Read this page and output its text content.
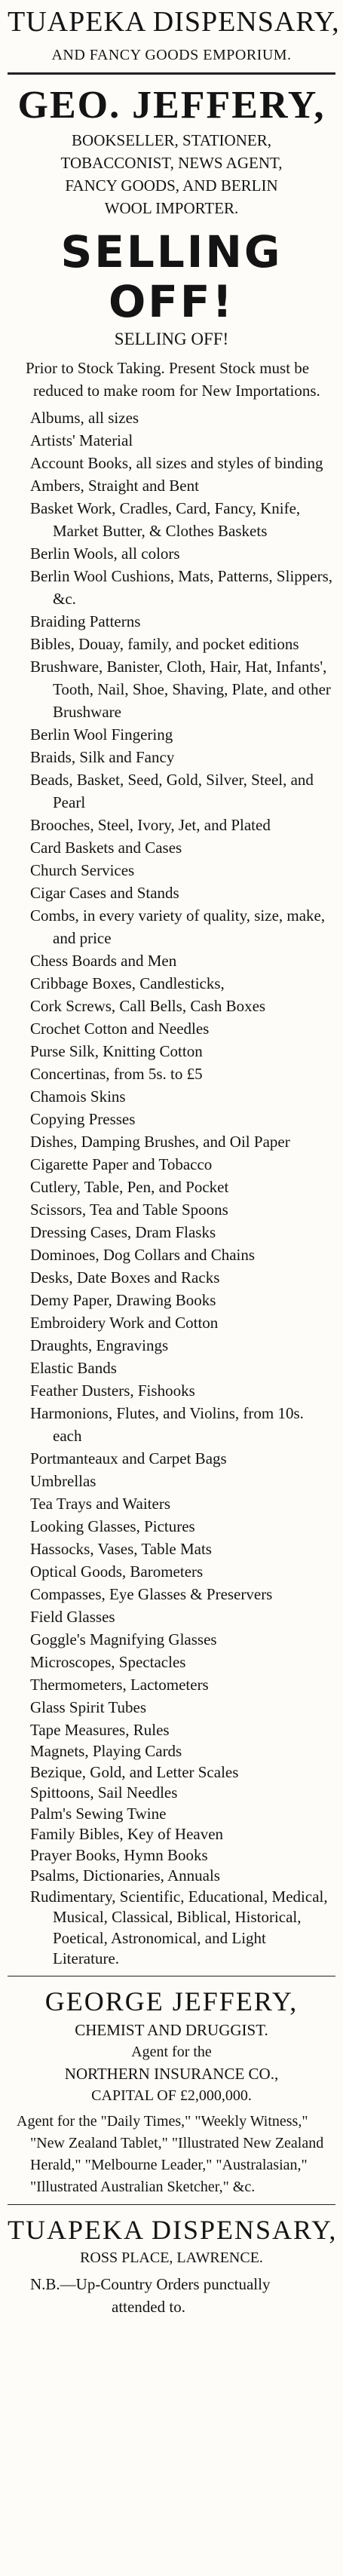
TUAPEKA DISPENSARY,
AND FANCY GOODS EMPORIUM.
GEO. JEFFERY,
BOOKSELLER, STATIONER,
TOBACCONIST, NEWS AGENT,
FANCY GOODS, AND BERLIN
WOOL IMPORTER.
SELLING OFF!
SELLING OFF!
Prior to Stock Taking. Present Stock must be reduced to make room for New Importations.
Albums, all sizes
Artists' Material
Account Books, all sizes and styles of binding
Ambers, Straight and Bent
Basket Work, Cradles, Card, Fancy, Knife, Market Butter, & Clothes Baskets
Berlin Wools, all colors
Berlin Wool Cushions, Mats, Patterns, Slippers, &c.
Braiding Patterns
Bibles, Douay, family, and pocket editions
Brushware, Banister, Cloth, Hair, Hat, Infants', Tooth, Nail, Shoe, Shaving, Plate, and other Brushware
Berlin Wool Fingering
Braids, Silk and Fancy
Beads, Basket, Seed, Gold, Silver, Steel, and Pearl
Brooches, Steel, Ivory, Jet, and Plated
Card Baskets and Cases
Church Services
Cigar Cases and Stands
Combs, in every variety of quality, size, make, and price
Chess Boards and Men
Cribbage Boxes, Candlesticks,
Cork Screws, Call Bells, Cash Boxes
Crochet Cotton and Needles
Purse Silk, Knitting Cotton
Concertinas, from 5s. to £5
Chamois Skins
Copying Presses
Dishes, Damping Brushes, and Oil Paper
Cigarette Paper and Tobacco
Cutlery, Table, Pen, and Pocket
Scissors, Tea and Table Spoons
Dressing Cases, Dram Flasks
Dominoes, Dog Collars and Chains
Desks, Date Boxes and Racks
Demy Paper, Drawing Books
Embroidery Work and Cotton
Draughts, Engravings
Elastic Bands
Feather Dusters, Fishooks
Harmonions, Flutes, and Violins, from 10s. each
Portmanteaux and Carpet Bags
Umbrellas
Tea Trays and Waiters
Looking Glasses, Pictures
Hassocks, Vases, Table Mats
Optical Goods, Barometers
Compasses, Eye Glasses & Preservers
Field Glasses
Goggle's Magnifying Glasses
Microscopes, Spectacles
Thermometers, Lactometers
Glass Spirit Tubes
Tape Measures, Rules
Magnets, Playing Cards
Bezique, Gold, and Letter Scales
Spittoons, Sail Needles
Palm's Sewing Twine
Family Bibles, Key of Heaven
Prayer Books, Hymn Books
Psalms, Dictionaries, Annuals
Rudimentary, Scientific, Educational, Medical, Musical, Classical, Biblical, Historical, Poetical, Astronomical, and Light Literature.
GEORGE JEFFERY,
CHEMIST AND DRUGGIST.
Agent for the
NORTHERN INSURANCE CO.,
CAPITAL OF £2,000,000.
Agent for the "Daily Times," "Weekly Witness," "New Zealand Tablet," "Illustrated New Zealand Herald," "Melbourne Leader," "Australasian," "Illustrated Australian Sketcher," &c.
TUAPEKA DISPENSARY,
ROSS PLACE, LAWRENCE.
N.B.—Up-Country Orders punctually
attended to.
